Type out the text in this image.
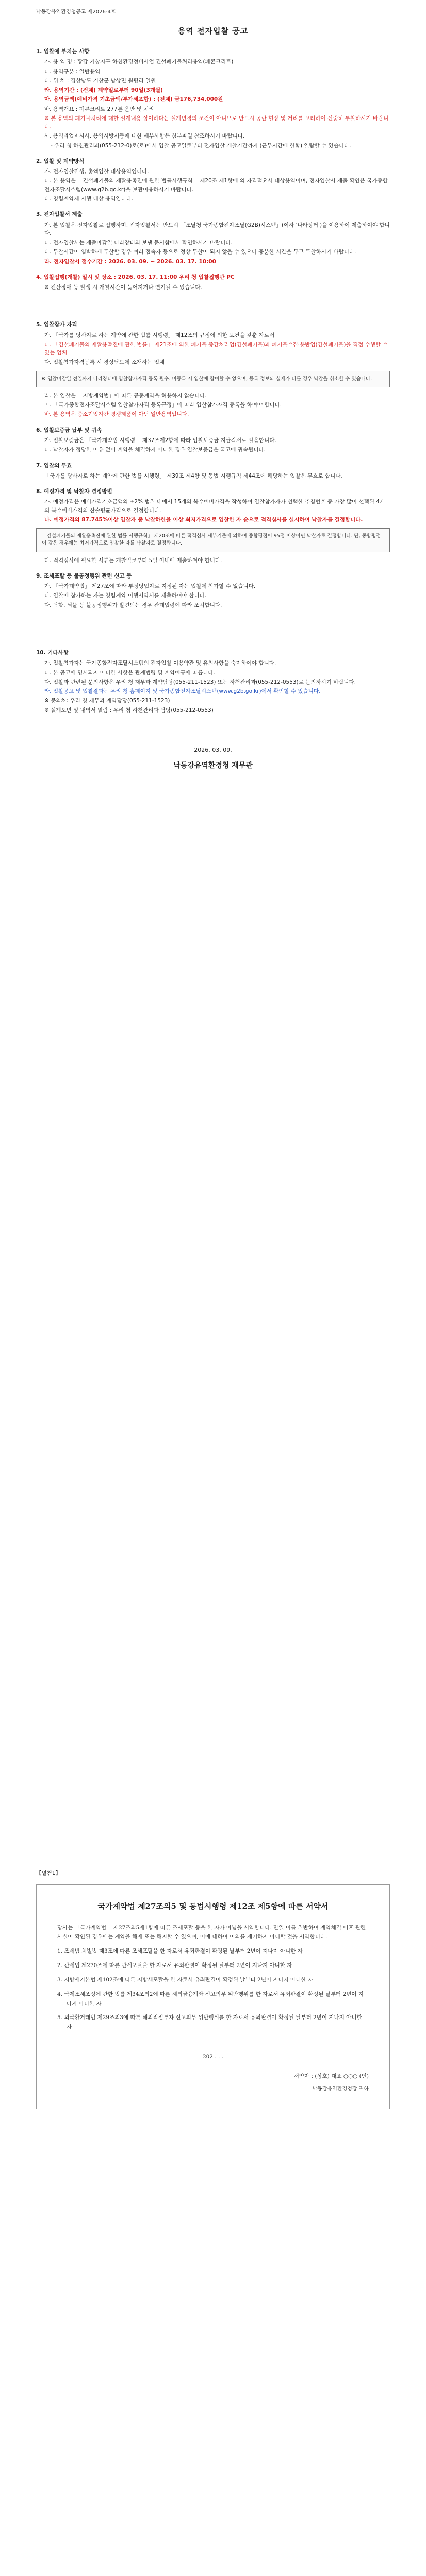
낙동강유역환경청공고 제2026-4호
용역 전자입찰 공고
1. 입찰에 부치는 사항
가. 용 역 명 : 황강 거창지구 하천환경정비사업 건설폐기물처리용역(폐콘크리트)
나. 용역구분 : 일반용역
다. 위 치 : 경상남도 거창군 남상면 월평리 일원
라. 용역기간 : (전체) 계약일로부터 90일(3개월)
마. 용역금액(예비가격 기초금액/부가세포함) : (전체) 금176,734,000원
바. 용역개요 : 폐콘크리트 277톤 운반 및 처리
※ 본 용역의 폐기물처리에 대한 설계내용 상이하다는 설계변경의 조건이 아니므로 반드시 공란 현장 및 거리를 고려하여 신중히 투찰하시기 바랍니다.
사. 용역과업지시서, 용역시방서등에 대한 세부사항은 첨부파일 참조하시기 바랍니다.
- 우리 청 하천관리과(055-212-0)로(로)에서 입찰 공고일로부터 전자입찰 개찰기간까지 (근무시간에 한함) 열람할 수 있습니다.
2. 입찰 및 계약방식
가. 전자입찰집행, 총액입찰 대상용역입니다.
나. 본 용역은 「건설폐기물의 재활용촉진에 관한 법률시행규칙」 제20조 제1항에 의 자격적요서 대상용역이며, 전자입찰서 제출 확인은 국가종합전자조달시스템(www.g2b.go.kr)을 보관이용하시기 바랍니다.
다. 청렴계약제 시행 대상 용역입니다.
3. 전자입찰서 제출
가. 본 입찰은 전자입찰로 집행하며, 전자입찰서는 반드시 「조달청 국가종합전자조달(G2B)시스템」(이하 '나라장터')을 이용하여 제출하여야 합니다.
나. 전자입찰서는 제출마감일 나라장터의 보낸 문서함에서 확인하시기 바랍니다.
다. 투찰시간이 임박하게 투찰할 경우 여러 접속자 등으로 정상 투찰이 되지 않을 수 있으니 충분한 시간을 두고 투찰하시기 바랍니다.
라. 전자입찰서 접수기간 : 2026. 03. 09. ~ 2026. 03. 17. 10:00
4. 입찰집행(개찰) 일시 및 장소 : 2026. 03. 17. 11:00 우리 청 입찰집행관 PC
※ 전산장애 등 발생 시 개찰시간이 늦어지거나 연기될 수 있습니다.
5. 입찰참가 자격
가. 「국가를 당사자로 하는 계약에 관한 법률 시행령」 제12조의 규정에 의한 요건을 갖춘 자로서
나. 「건설폐기물의 재활용촉진에 관한 법률」 제21조에 의한 폐기물 중간처리업(건설폐기물)과 폐기물수집·운반업(건설폐기물)을 직접 수행할 수 있는 업체
다. 입찰참가자격등록 시 경상남도에 소재하는 업체
※ 입찰마감일 전일까지 나라장터에 입찰참가자격 등록 필수. 미등록 시 입찰에 참여할 수 없으며, 등록 정보와 실제가 다를 경우 낙찰을 취소할 수 있습니다.
라. 본 입찰은 「지방계약법」에 따른 공동계약을 허용하지 않습니다.
마. 「국가종합전자조달시스템 입찰참가자격 등록규정」에 따라 입찰참가자격 등록을 하여야 합니다.
바. 본 용역은 중소기업자간 경쟁제품이 아닌 일반용역입니다.
6. 입찰보증금 납부 및 귀속
가. 입찰보증금은 「국가계약법 시행령」 제37조제2항에 따라 입찰보증금 지급각서로 갈음합니다.
나. 낙찰자가 정당한 이유 없이 계약을 체결하지 아니한 경우 입찰보증금은 국고에 귀속됩니다.
7. 입찰의 무효
「국가를 당사자로 하는 계약에 관한 법률 시행령」 제39조 제4항 및 동법 시행규칙 제44조에 해당하는 입찰은 무효로 합니다.
8. 예정가격 및 낙찰자 결정방법
가. 예정가격은 예비가격기초금액의 ±2% 범위 내에서 15개의 복수예비가격을 작성하여 입찰참가자가 선택한 추첨번호 중 가장 많이 선택된 4개의 복수예비가격의 산술평균가격으로 결정합니다.
나. 예정가격의 87.745%이상 입찰자 중 낙찰하한율 이상 최저가격으로 입찰한 자 순으로 적격심사를 실시하여 낙찰자를 결정합니다.
「건설폐기물의 재활용촉진에 관한 법률 시행규칙」 제20조에 따른 적격심사 세부기준에 의하여 종합평점이 95점 이상이면 낙찰자로 결정합니다. 단, 종합평점이 같은 경우에는 최저가격으로 입찰한 자를 낙찰자로 결정합니다.
다. 적격심사에 필요한 서류는 개찰일로부터 5일 이내에 제출하여야 합니다.
9. 조세포탈 등 불공정행위 관련 신고 등
가. 「국가계약법」 제27조에 따라 부정당업자로 지정된 자는 입찰에 참가할 수 없습니다.
나. 입찰에 참가하는 자는 청렴계약 이행서약서를 제출하여야 합니다.
다. 담합, 뇌물 등 불공정행위가 발견되는 경우 관계법령에 따라 조치합니다.
10. 기타사항
가. 입찰참가자는 국가종합전자조달시스템의 전자입찰 이용약관 및 유의사항을 숙지하여야 합니다.
나. 본 공고에 명시되지 아니한 사항은 관계법령 및 계약예규에 따릅니다.
다. 입찰과 관련된 문의사항은 우리 청 재무과 계약담당(055-211-1523) 또는 하천관리과(055-212-0553)로 문의하시기 바랍니다.
라. 입찰공고 및 입찰결과는 우리 청 홈페이지 및 국가종합전자조달시스템(www.g2b.go.kr)에서 확인할 수 있습니다.
※ 문의처: 우리 청 재무과 계약담당(055-211-1523)
※ 설계도면 및 내역서 열람 : 우리 청 하천관리과 담당(055-212-0553)
2026. 03. 09.
낙동강유역환경청 재무관
【별첨1】
국가계약법 제27조의5 및 동법시행령 제12조 제5항에 따른 서약서
당사는 「국가계약법」 제27조의5제1항에 따른 조세포탈 등을 한 자가 아님을 서약합니다. 만일 이를 위반하여 계약체결 이후 관련 사실이 확인된 경우에는 계약을 해제 또는 해지할 수 있으며, 이에 대하여 이의를 제기하지 아니할 것을 서약합니다.
1. 조세범 처벌법 제3조에 따른 조세포탈을 한 자로서 유죄판결이 확정된 날부터 2년이 지나지 아니한 자
2. 관세법 제270조에 따른 관세포탈을 한 자로서 유죄판결이 확정된 날부터 2년이 지나지 아니한 자
3. 지방세기본법 제102조에 따른 지방세포탈을 한 자로서 유죄판결이 확정된 날부터 2년이 지나지 아니한 자
4. 국제조세조정에 관한 법률 제34조의2에 따른 해외금융계좌 신고의무 위반행위를 한 자로서 유죄판결이 확정된 날부터 2년이 지나지 아니한 자
5. 외국환거래법 제29조의3에 따른 해외직접투자 신고의무 위반행위를 한 자로서 유죄판결이 확정된 날부터 2년이 지나지 아니한 자
202 . . .
서약자 : (상호) 대표 ○○○ (인)
낙동강유역환경청장 귀하
